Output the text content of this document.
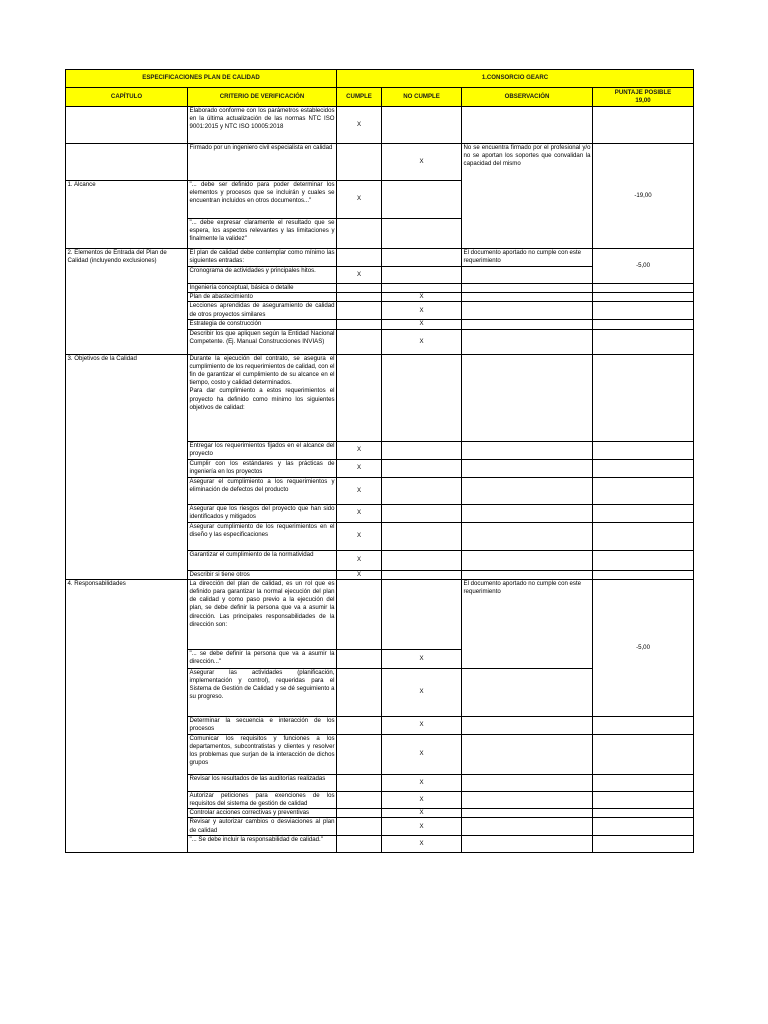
ESPECIFICACIONES PLAN DE CALIDAD		1.CONSORCIO GEARC			
CAPÍTULO	CRITERIO DE VERIFICACIÓN	CUMPLE	NO CUMPLE	OBSERVACIÓN	PUNTAJE POSIBLE
19,00
	Elaborado conforme con los parámetros establecidos en la última actualización de las normas NTC ISO 9001:2015 y NTC ISO 10005:2018	X			
	Firmado por un ingeniero civil especialista en calidad		X	No se encuentra firmado por el profesional y/o no se aportan los soportes que convalidan la capacidad del mismo	-19,00
1. Alcance	"... debe ser definido para poder determinar los elementos y procesos que se incluirán y cuales se encuentran incluidos en otros documentos..."	X			
	"... debe expresar claramente el resultado que se espera, los aspectos relevantes y las limitaciones y finalmente la validez"				
2. Elementos de Entrada del Plan de Calidad (incluyendo exclusiones)	El plan de calidad debe contemplar como mínimo las siguientes entradas:			El documento aportado no cumple con este requerimiento	-5,00
	Cronograma de actividades y principales hitos.	X			
	Ingeniería conceptual, básica o detalle				
	Plan de abastecimiento		X		
	Lecciones aprendidas de aseguramiento de calidad de otros proyectos similares		X		
	Estrategia de construcción		X		
	Describir los que apliquen según la Entidad Nacional Competente. (Ej. Manual Construcciones INVIAS)		X		
3. Objetivos de la Calidad	Durante la ejecución del contrato, se asegura el cumplimiento de los requerimientos de calidad, con el fin de garantizar el cumplimiento de su alcance en el tiempo, costo y calidad determinados.
Para dar cumplimiento a estos requerimientos el proyecto ha definido como mínimo los siguientes objetivos de calidad:				
	Entregar los requerimientos fijados en el alcance del proyecto	X			
	Cumplir con los estándares y las prácticas de ingeniería en los proyectos	X			
	Asegurar el cumplimiento a los requerimientos y eliminación de defectos del producto	X			
	Asegurar que los riesgos del proyecto que han sido identificados y mitigados	X			
	Asegurar cumplimiento de los requerimientos en el diseño y las especificaciones	X			
	Garantizar el cumplimiento de la normatividad	X			
	Describir si tiene otros	X			
4. Responsabilidades	La dirección del plan de calidad, es un rol que es definido para garantizar la normal ejecución del plan de calidad y como paso previo a la ejecución del plan, se debe definir la persona que va a asumir la dirección. Las principales responsabilidades de la dirección son:			El documento aportado no cumple con este requerimiento	-5,00
	"... se debe definir la persona que va a asumir la dirección..."		X		
	Asegurar las actividades (planificación, implementación y control), requeridas para el Sistema de Gestión de Calidad y se dé seguimiento a su progreso.		X		
	Determinar la secuencia e interacción de los procesos		X		
	Comunicar los requisitos y funciones a los departamentos, subcontratistas y clientes y resolver los problemas que surjan de la interacción de dichos grupos		X		
	Revisar los resultados de las auditorías realizadas		X		
	Autorizar peticiones para exenciones de los requisitos del sistema de gestión de calidad		X		
	Controlar acciones correctivas y preventivas		X		
	Revisar y autorizar cambios o desviaciones al plan de calidad		X		
	"... Se debe incluir la responsabilidad de calidad."		X		
